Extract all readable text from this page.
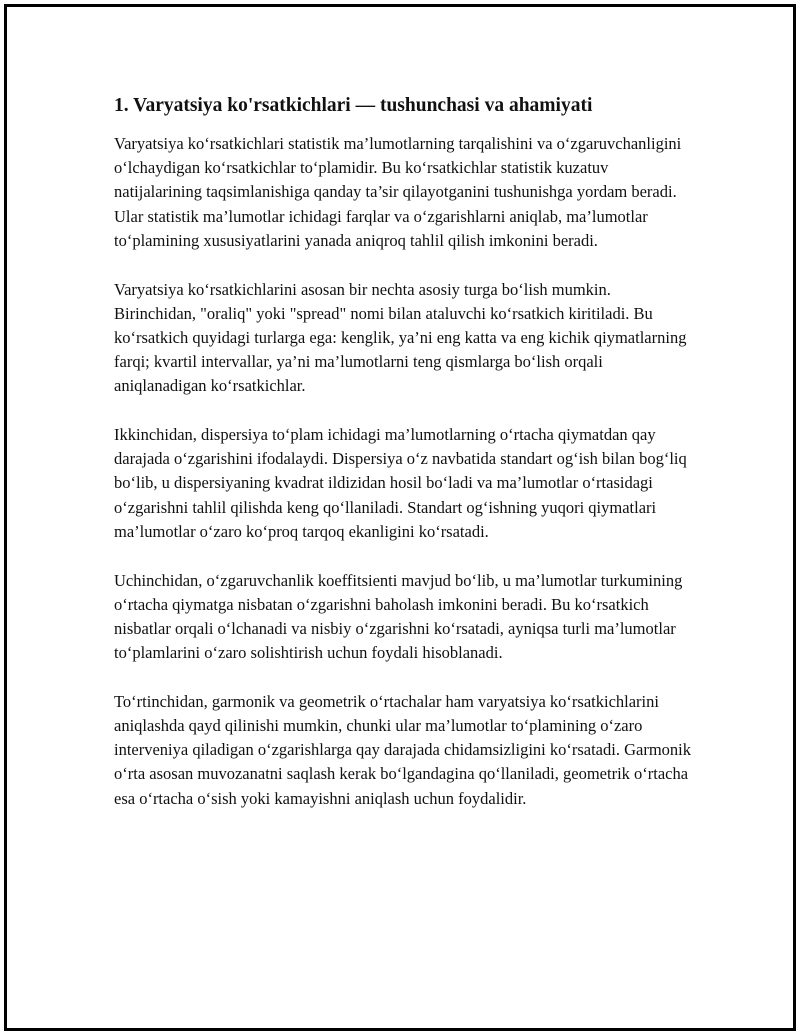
1. Varyatsiya ko'rsatkichlari — tushunchasi va ahamiyati

Varyatsiya ko‘rsatkichlari statistik ma’lumotlarning tarqalishini va o‘zgaruvchanligini o‘lchaydigan ko‘rsatkichlar to‘plamidir. Bu ko‘rsatkichlar statistik kuzatuv natijalarining taqsimlanishiga qanday ta’sir qilayotganini tushunishga yordam beradi. Ular statistik ma’lumotlar ichidagi farqlar va o‘zgarishlarni aniqlab, ma’lumotlar to‘plamining xususiyatlarini yanada aniqroq tahlil qilish imkonini beradi.

Varyatsiya ko‘rsatkichlarini asosan bir nechta asosiy turga bo‘lish mumkin. Birinchidan, "oraliq" yoki "spread" nomi bilan ataluvchi ko‘rsatkich kiritiladi. Bu ko‘rsatkich quyidagi turlarga ega: kenglik, ya’ni eng katta va eng kichik qiymatlarning farqi; kvartil intervallar, ya’ni ma’lumotlarni teng qismlarga bo‘lish orqali aniqlanadigan ko‘rsatkichlar.

Ikkinchidan, dispersiya to‘plam ichidagi ma’lumotlarning o‘rtacha qiymatdan qay darajada o‘zgarishini ifodalaydi. Dispersiya o‘z navbatida standart og‘ish bilan bog‘liq bo‘lib, u dispersiyaning kvadrat ildizidan hosil bo‘ladi va ma’lumotlar o‘rtasidagi o‘zgarishni tahlil qilishda keng qo‘llaniladi. Standart og‘ishning yuqori qiymatlari ma’lumotlar o‘zaro ko‘proq tarqoq ekanligini ko‘rsatadi.

Uchinchidan, o‘zgaruvchanlik koeffitsienti mavjud bo‘lib, u ma’lumotlar turkumining o‘rtacha qiymatga nisbatan o‘zgarishni baholash imkonini beradi. Bu ko‘rsatkich nisbatlar orqali o‘lchanadi va nisbiy o‘zgarishni ko‘rsatadi, ayniqsa turli ma’lumotlar to‘plamlarini o‘zaro solishtirish uchun foydali hisoblanadi.

To‘rtinchidan, garmonik va geometrik o‘rtachalar ham varyatsiya ko‘rsatkichlarini aniqlashda qayd qilinishi mumkin, chunki ular ma’lumotlar to‘plamining o‘zaro interveniya qiladigan o‘zgarishlarga qay darajada chidamsizligini ko‘rsatadi. Garmonik o‘rta asosan muvozanatni saqlash kerak bo‘lgandagina qo‘llaniladi, geometrik o‘rtacha esa o‘rtacha o‘sish yoki kamayishni aniqlash uchun foydalidir.
